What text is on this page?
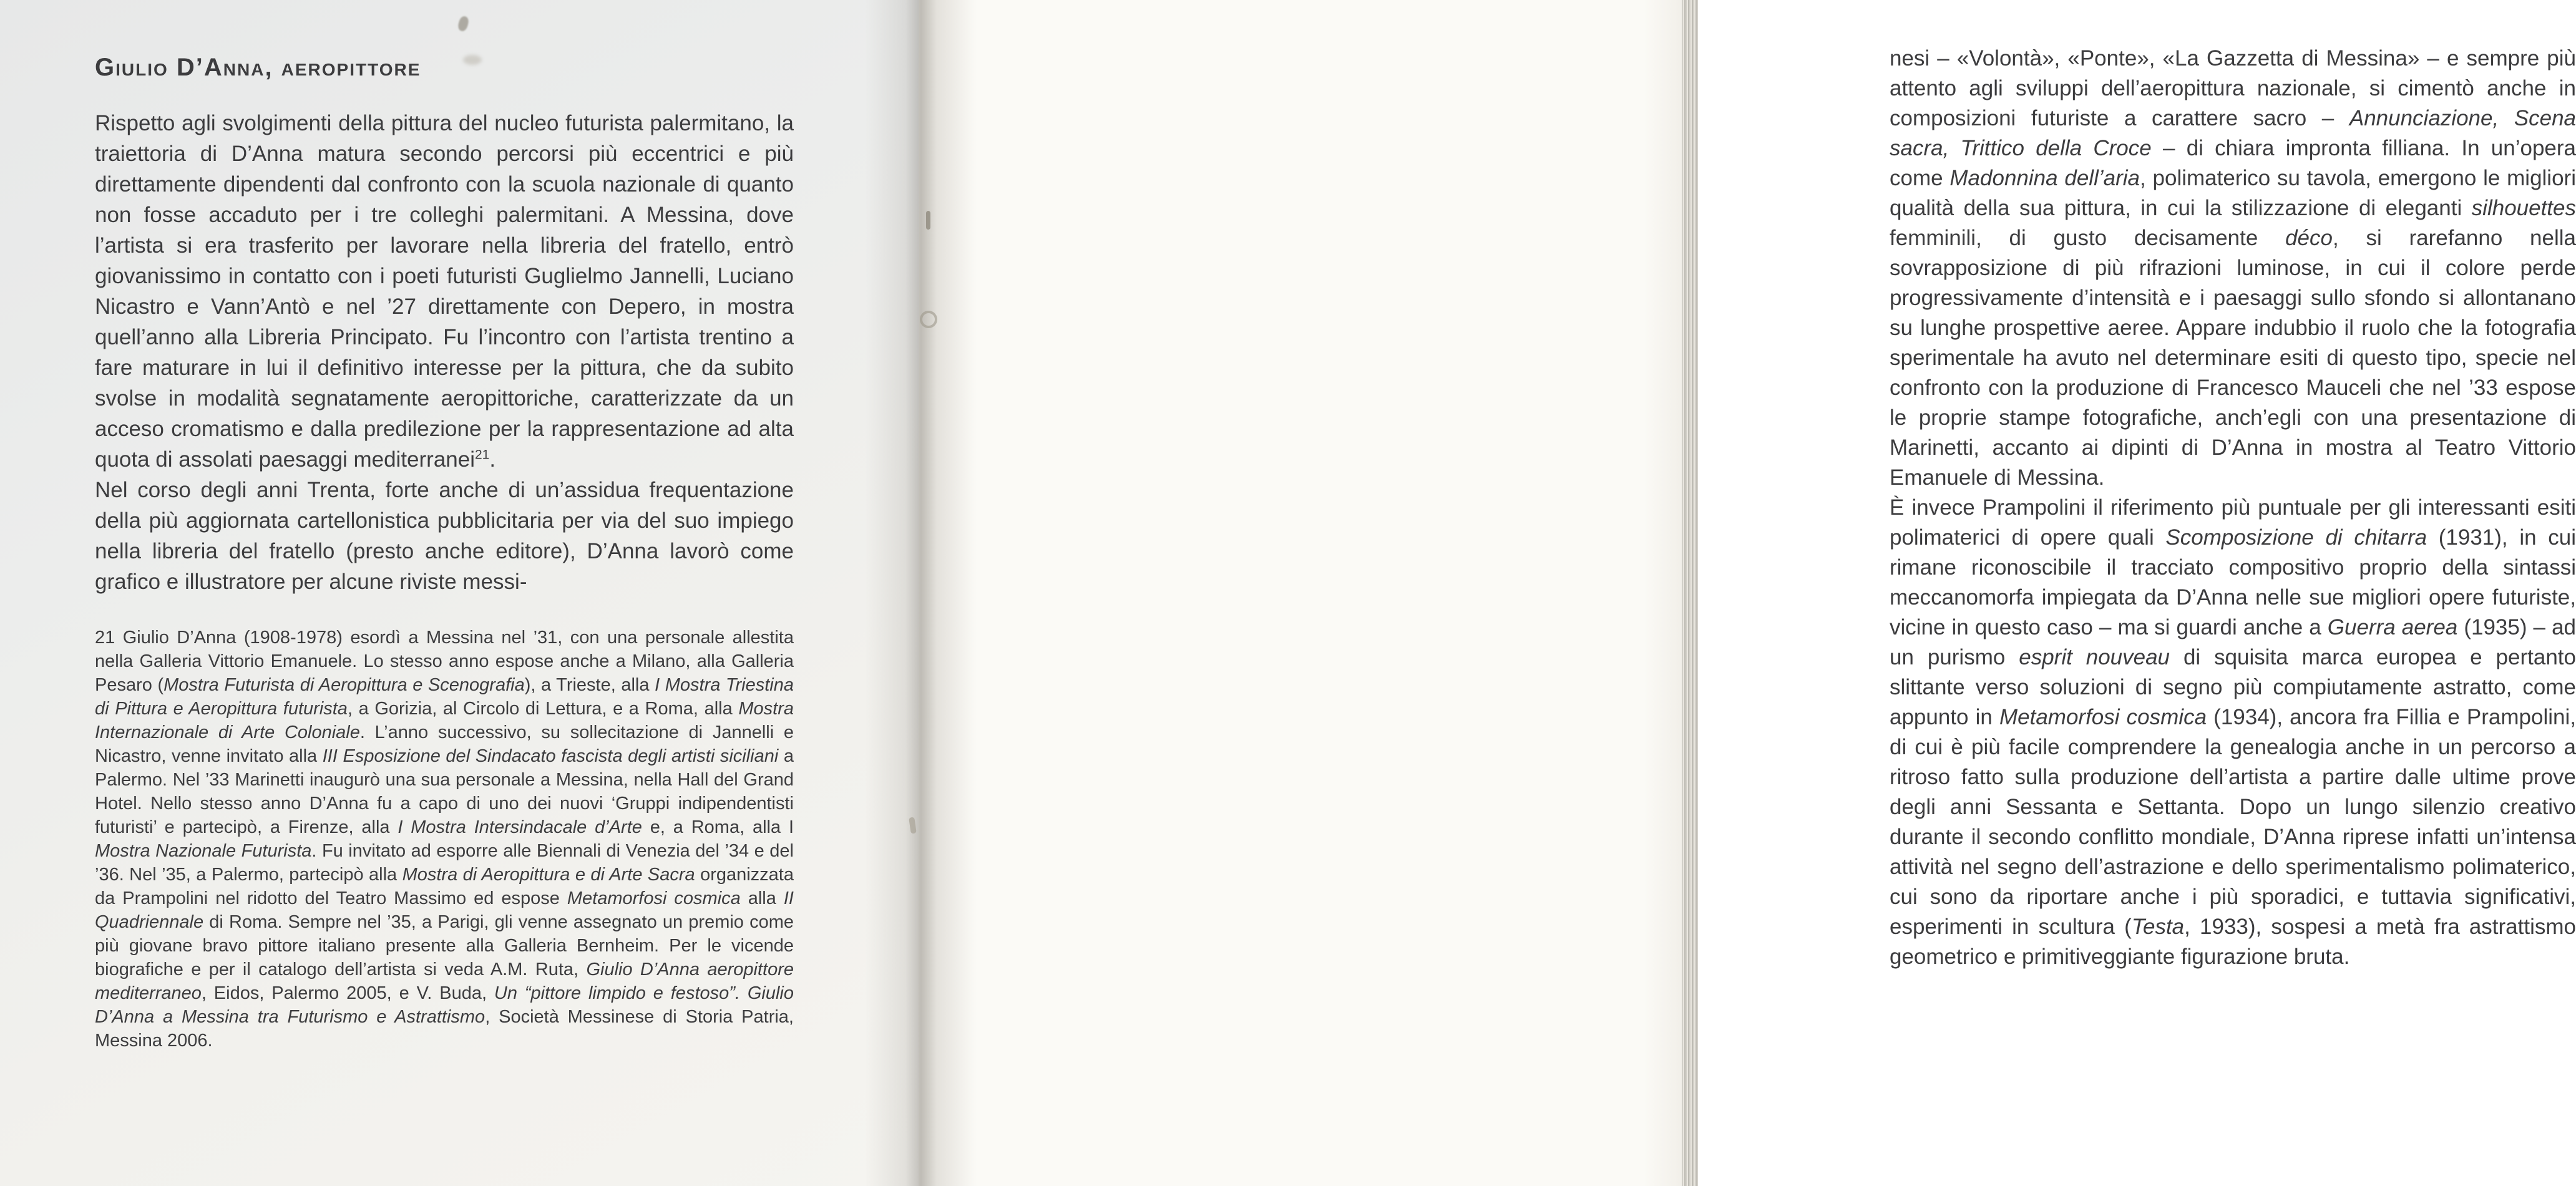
Giulio D’Anna, aeropittore

Rispetto agli svolgimenti della pittura del nucleo futurista palermitano, la traiettoria di D’Anna matura secondo percorsi più eccentrici e più direttamente dipendenti dal confronto con la scuola nazionale di quanto non fosse accaduto per i tre colleghi palermitani. A Messina, dove l’artista si era trasferito per lavorare nella libreria del fratello, entrò giovanissimo in contatto con i poeti futuristi Guglielmo Jannelli, Luciano Nicastro e Vann’Antò e nel ’27 direttamente con Depero, in mostra quell’anno alla Libreria Principato. Fu l’incontro con l’artista trentino a fare maturare in lui il definitivo interesse per la pittura, che da subito svolse in modalità segnatamente aeropittoriche, caratterizzate da un acceso cromatismo e dalla predilezione per la rappresentazione ad alta quota di assolati paesaggi mediterranei$^{21}$.

Nel corso degli anni Trenta, forte anche di un’assidua frequentazione della più aggiornata cartellonistica pubblicitaria per via del suo impiego nella libreria del fratello (presto anche editore), D’Anna lavorò come grafico e illustratore per alcune riviste messi-

21 Giulio D’Anna (1908-1978) esordì a Messina nel ’31, con una personale allestita nella Galleria Vittorio Emanuele. Lo stesso anno espose anche a Milano, alla Galleria Pesaro (Mostra Futurista di Aeropittura e Scenografia), a Trieste, alla I Mostra Triestina di Pittura e Aeropittura futurista, a Gorizia, al Circolo di Lettura, e a Roma, alla Mostra Internazionale di Arte Coloniale. L’anno successivo, su sollecitazione di Jannelli e Nicastro, venne invitato alla III Esposizione del Sindacato fascista degli artisti siciliani a Palermo. Nel ’33 Marinetti inaugurò una sua personale a Messina, nella Hall del Grand Hotel. Nello stesso anno D’Anna fu a capo di uno dei nuovi ‘Gruppi indipendentisti futuristi’ e partecipò, a Firenze, alla I Mostra Intersindacale d’Arte e, a Roma, alla I Mostra Nazionale Futurista. Fu invitato ad esporre alle Biennali di Venezia del ’34 e del ’36. Nel ’35, a Palermo, partecipò alla Mostra di Aeropittura e di Arte Sacra organizzata da Prampolini nel ridotto del Teatro Massimo ed espose Metamorfosi cosmica alla II Quadriennale di Roma. Sempre nel ’35, a Parigi, gli venne assegnato un premio come più giovane bravo pittore italiano presente alla Galleria Bernheim. Per le vicende biografiche e per il catalogo dell’artista si veda A.M. Ruta, Giulio D’Anna aeropittore mediterraneo, Eidos, Palermo 2005, e V. Buda, Un “pittore limpido e festoso”. Giulio D’Anna a Messina tra Futurismo e Astrattismo, Società Messinese di Storia Patria, Messina 2006.

nesi – «Volontà», «Ponte», «La Gazzetta di Messina» – e sempre più attento agli sviluppi dell’aeropittura nazionale, si cimentò anche in composizioni futuriste a carattere sacro – Annunciazione, Scena sacra, Trittico della Croce – di chiara impronta filliana. In un’opera come Madonnina dell’aria, polimaterico su tavola, emergono le migliori qualità della sua pittura, in cui la stilizzazione di eleganti silhouettes femminili, di gusto decisamente déco, si rarefanno nella sovrapposizione di più rifrazioni luminose, in cui il colore perde progressivamente d’intensità e i paesaggi sullo sfondo si allontanano su lunghe prospettive aeree. Appare indubbio il ruolo che la fotografia sperimentale ha avuto nel determinare esiti di questo tipo, specie nel confronto con la produzione di Francesco Mauceli che nel ’33 espose le proprie stampe fotografiche, anch’egli con una presentazione di Marinetti, accanto ai dipinti di D’Anna in mostra al Teatro Vittorio Emanuele di Messina.

È invece Prampolini il riferimento più puntuale per gli interessanti esiti polimaterici di opere quali Scomposizione di chitarra (1931), in cui rimane riconoscibile il tracciato compositivo proprio della sintassi meccanomorfa impiegata da D’Anna nelle sue migliori opere futuriste, vicine in questo caso – ma si guardi anche a Guerra aerea (1935) – ad un purismo esprit nouveau di squisita marca europea e pertanto slittante verso soluzioni di segno più compiutamente astratto, come appunto in Metamorfosi cosmica (1934), ancora fra Fillia e Prampolini, di cui è più facile comprendere la genealogia anche in un percorso a ritroso fatto sulla produzione dell’artista a partire dalle ultime prove degli anni Sessanta e Settanta. Dopo un lungo silenzio creativo durante il secondo conflitto mondiale, D’Anna riprese infatti un’intensa attività nel segno dell’astrazione e dello sperimentalismo polimaterico, cui sono da riportare anche i più sporadici, e tuttavia significativi, esperimenti in scultura (Testa, 1933), sospesi a metà fra astrattismo geometrico e primitiveggiante figurazione bruta.
